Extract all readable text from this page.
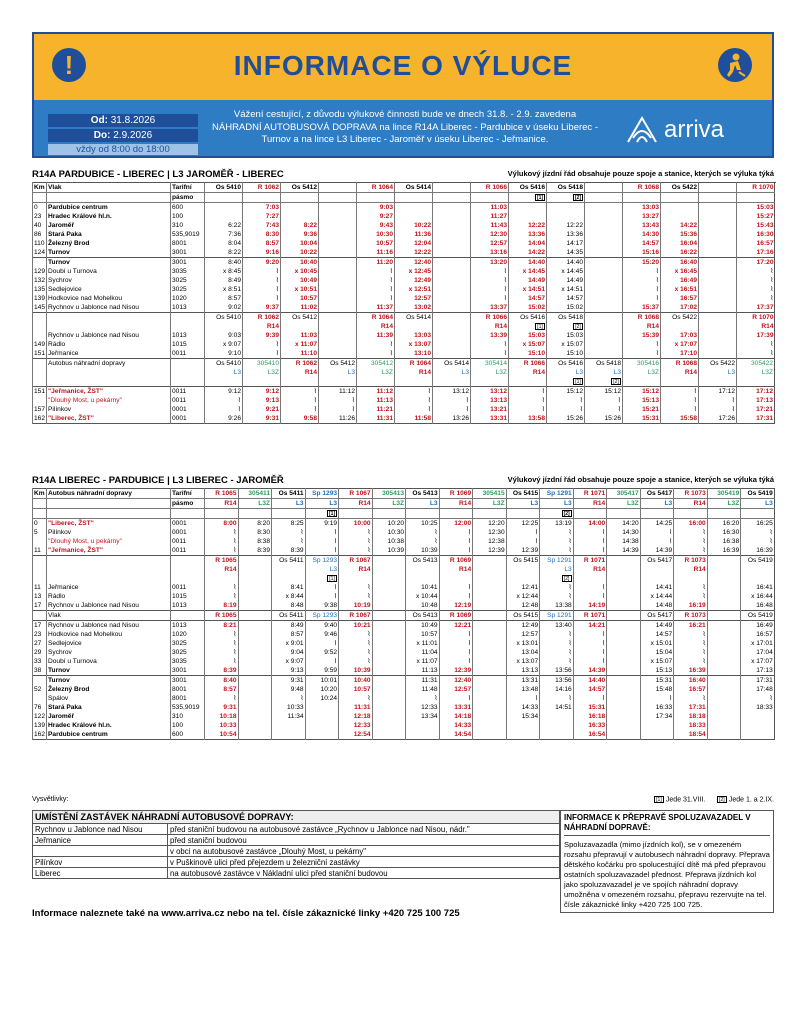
!	INFORMACE O VÝLUCE
Od: 31.8.2026
Do: 2.9.2026
vždy od 8:00 do 18:00
Vážení cestující, z důvodu výlukové činnosti bude ve dnech 31.8. - 2.9. zavedena NÁHRADNÍ AUTOBUSOVÁ DOPRAVA na lince R14A Liberec - Pardubice v úseku Liberec - Turnov a na lince L3 Liberec - Jaroměř v úseku Liberec - Jeřmanice.	arriva
R14A PARDUBICE - LIBEREC | L3 JAROMĚŘ - LIBEREC	Výlukový jízdní řád obsahuje pouze spoje a stanice, kterých se výluka týká
Km	Vlak	Tarifní	Os 5410	R 1062	Os 5412		R 1064	Os 5414		R 1066	Os 5416	Os 5418		R 1068	Os 5422		R 1070	
		pásmo									[1]	[2]						
0	Pardubice centrum	600		7:03			9:03			11:03				13:03			15:03	
23	Hradec Králové hl.n.	100		7:27			9:27			11:27				13:27			15:27	
40	Jaroměř	310	6:22	7:43	8:22		9:43	10:22		11:43	12:22	12:22		13:43	14:22		15:43	
86	Stará Paka	535,9019	7:36	8:30	9:36		10:30	11:36		12:30	13:36	13:36		14:30	15:36		16:30	
110	Železný Brod	8001	8:04	8:57	10:04		10:57	12:04		12:57	14:04	14:17		14:57	16:04		16:57	
124	Turnov	3001	8:22	9:16	10:22		11:16	12:22		13:16	14:22	14:35		15:16	16:22		17:16	
	Turnov	3001	8:40	9:20	10:40		11:20	12:40		13:20	14:40	14:40		15:20	16:40		17:20	
129	Doubí u Turnova	3035	x 8:45	⌇	x 10:45		⌇	x 12:45		⌇	x 14:45	x 14:45		⌇	x 16:45		⌇	
132	Sychrov	3025	8:49	⌇	10:49		⌇	12:49		⌇	14:49	14:49		⌇	16:49		⌇	
135	Sedlejovice	3025	x 8:51	⌇	x 10:51		⌇	x 12:51		⌇	x 14:51	x 14:51		⌇	x 16:51		⌇	
139	Hodkovice nad Mohelkou	1020	8:57	⌇	10:57		⌇	12:57		⌇	14:57	14:57		⌇	16:57		⌇	
145	Rychnov u Jablonce nad Nisou	1013	9:02	9:37	11:02		11:37	13:02		13:37	15:02	15:02		15:37	17:02		17:37	
			Os 5410	R 1062	Os 5412		R 1064	Os 5414		R 1066	Os 5416	Os 5418		R 1068	Os 5422		R 1070	
				R14			R14			R14	[1]	[2]		R14			R14	
	Rychnov u Jablonce nad Nisou	1013	9:03	9:39	11:03		11:39	13:03		13:39	15:03	15:03		15:39	17:03		17:39	
149	Rádlo	1015	x 9:07	⌇	x 11:07		⌇	x 13:07		⌇	x 15:07	x 15:07		⌇	x 17:07		⌇	
151	Jeřmanice	0011	9:10	⌇	11:10		⌇	13:10		⌇	15:10	15:10		⌇	17:10		⌇	
	Autobus náhradní dopravy		Os 5410	305410	R 1062	Os 5412	305412	R 1064	Os 5414	305414	R 1066	Os 5416	Os 5418	305416	R 1068	Os 5422	305422	
			L3	L3Z	R14	L3	L3Z	R14	L3	L3Z	R14	L3	L3	L3Z	R14	L3	L3Z	
												[1]	[2]					
151	"Jeřmanice, ŽST"	0011	9:12	9:12	⌇	11:12	11:12	⌇	13:12	13:12	⌇	15:12	15:12	15:12	⌇	17:12	17:12	
	"Dlouhý Most, u pekárny"	0011	⌇	9:13	⌇	⌇	11:13	⌇	⌇	13:13	⌇	⌇	⌇	15:13	⌇	⌇	17:13	
157	Pilínkov	0001	⌇	9:21	⌇	⌇	11:21	⌇	⌇	13:21	⌇	⌇	⌇	15:21	⌇	⌇	17:21	
162	"Liberec, ŽST"	0001	9:26	9:31	9:58	11:26	11:31	11:58	13:26	13:31	13:58	15:26	15:26	15:31	15:58	17:26	17:31	
R14A LIBEREC - PARDUBICE | L3 LIBEREC - JAROMĚŘ	Výlukový jízdní řád obsahuje pouze spoje a stanice, kterých se výluka týká
Km	Autobus náhradní dopravy	Tarifní	R 1065	305411	Os 5411	Sp 1293	R 1067	305413	Os 5413	R 1069	305415	Os 5415	Sp 1291	R 1071	305417	Os 5417	R 1073	305419	Os 5419
		pásmo	R14	L3Z	L3	L3	R14	L3Z	L3	R14	L3Z	L3	L3	R14	L3Z	L3	R14	L3Z	L3
						[1]							[2]						
0	"Liberec, ŽST"	0001	8:00	8:20	8:25	9:19	10:00	10:20	10:25	12:00	12:20	12:25	13:19	14:00	14:20	14:25	16:00	16:20	16:25
5	Pilínkov	0001	⌇	8:30	⌇	⌇	⌇	10:30	⌇	⌇	12:30	⌇	⌇	⌇	14:30	⌇	⌇	16:30	⌇
	"Dlouhý Most, u pekárny"	0011	⌇	8:38	⌇	⌇	⌇	10:38	⌇	⌇	12:38	⌇	⌇	⌇	14:38	⌇	⌇	16:38	⌇
11	"Jeřmanice, ŽST"	0011	⌇	8:39	8:39	⌇	⌇	10:39	10:39	⌇	12:39	12:39	⌇	⌇	14:39	14:39	⌇	16:39	16:39
			R 1065		Os 5411	Sp 1293	R 1067		Os 5413	R 1069		Os 5415	Sp 1291	R 1071		Os 5417	R 1073		Os 5419
			R14			L3	R14			R14			L3	R14			R14		
						[1]							[2]						
11	Jeřmanice	0011	⌇		8:41	⌇	⌇		10:41	⌇		12:41	⌇	⌇		14:41	⌇		16:41
13	Rádlo	1015	⌇		x 8:44	⌇	⌇		x 10:44	⌇		x 12:44	⌇	⌇		x 14:44	⌇		x 16:44
17	Rychnov u Jablonce nad Nisou	1013	8:19		8:48	9:38	10:19		10:48	12:19		12:48	13:38	14:19		14:48	16:19		16:48
	Vlak		R 1065		Os 5411	Sp 1293	R 1067		Os 5413	R 1069		Os 5415	Sp 1291	R 1071		Os 5417	R 1073		Os 5419
17	Rychnov u Jablonce nad Nisou	1013	8:21		8:49	9:40	10:21		10:49	12:21		12:49	13:40	14:21		14:49	16:21		16:49
23	Hodkovice nad Mohelkou	1020	⌇		8:57	9:46	⌇		10:57	⌇		12:57	⌇	⌇		14:57	⌇		16:57
27	Sedlejovice	3025	⌇		x 9:01	⌇	⌇		x 11:01	⌇		x 13:01	⌇	⌇		x 15:01	⌇		x 17:01
29	Sychrov	3025	⌇		9:04	9:52	⌇		11:04	⌇		13:04	⌇	⌇		15:04	⌇		17:04
33	Doubí u Turnova	3035	⌇		x 9:07	⌇	⌇		x 11:07	⌇		x 13:07	⌇	⌇		x 15:07	⌇		x 17:07
38	Turnov	3001	8:39		9:13	9:59	10:39		11:13	12:39		13:13	13:56	14:39		15:13	16:39		17:13
	Turnov	3001	8:40		9:31	10:01	10:40		11:31	12:40		13:31	13:56	14:40		15:31	16:40		17:31
52	Železný Brod	8001	8:57		9:48	10:20	10:57		11:48	12:57		13:48	14:16	14:57		15:48	16:57		17:48
	Spálov	8001	⌇		⌇	10:24	⌇		⌇	⌇		⌇	⌇	⌇		⌇	⌇		⌇
76	Stará Paka	535,9019	9:31		10:33		11:31		12:33	13:31		14:33	14:51	15:31		16:33	17:31		18:33
122	Jaroměř	310	10:18		11:34		12:18		13:34	14:18		15:34		16:18		17:34	18:18		
139	Hradec Králové hl.n.	100	10:33				12:33			14:33				16:33			18:33		
162	Pardubice centrum	600	10:54				12:54			14:54				16:54			18:54		
Vysvětlivky:	[1] Jede 31.VIII.	[2] Jede 1. a 2.IX.
UMÍSTĚNÍ ZASTÁVEK NÁHRADNÍ AUTOBUSOVÉ DOPRAVY:
Rychnov u Jablonce nad Nisou	před staniční budovou na autobusové zastávce „Rychnov u Jablonce nad Nisou, nádr."
Jeřmanice	před staniční budovou
	v obci na autobusové zastávce „Dlouhý Most, u pekárny"
Pilínkov	v Puškinově ulici před přejezdem u železniční zastávky
Liberec	na autobusové zastávce v Nákladní ulici před staniční budovou
INFORMACE K PŘEPRAVĚ SPOLUZAVAZADEL V NÁHRADNÍ DOPRAVĚ:
Spoluzavazadla (mimo jízdních kol), se v omezeném rozsahu přepravují v autobusech náhradní dopravy. Přeprava dětského kočárku pro spolucestující dítě má před přepravou ostatních spoluzavazadel přednost. Přeprava jízdních kol jako spoluzavazadel je ve spojích náhradní dopravy umožněna v omezeném rozsahu, přepravu rezervujte na tel. čísle zákaznické linky +420 725 100 725.
Informace naleznete také na www.arriva.cz nebo na tel. čísle zákaznické linky +420 725 100 725
